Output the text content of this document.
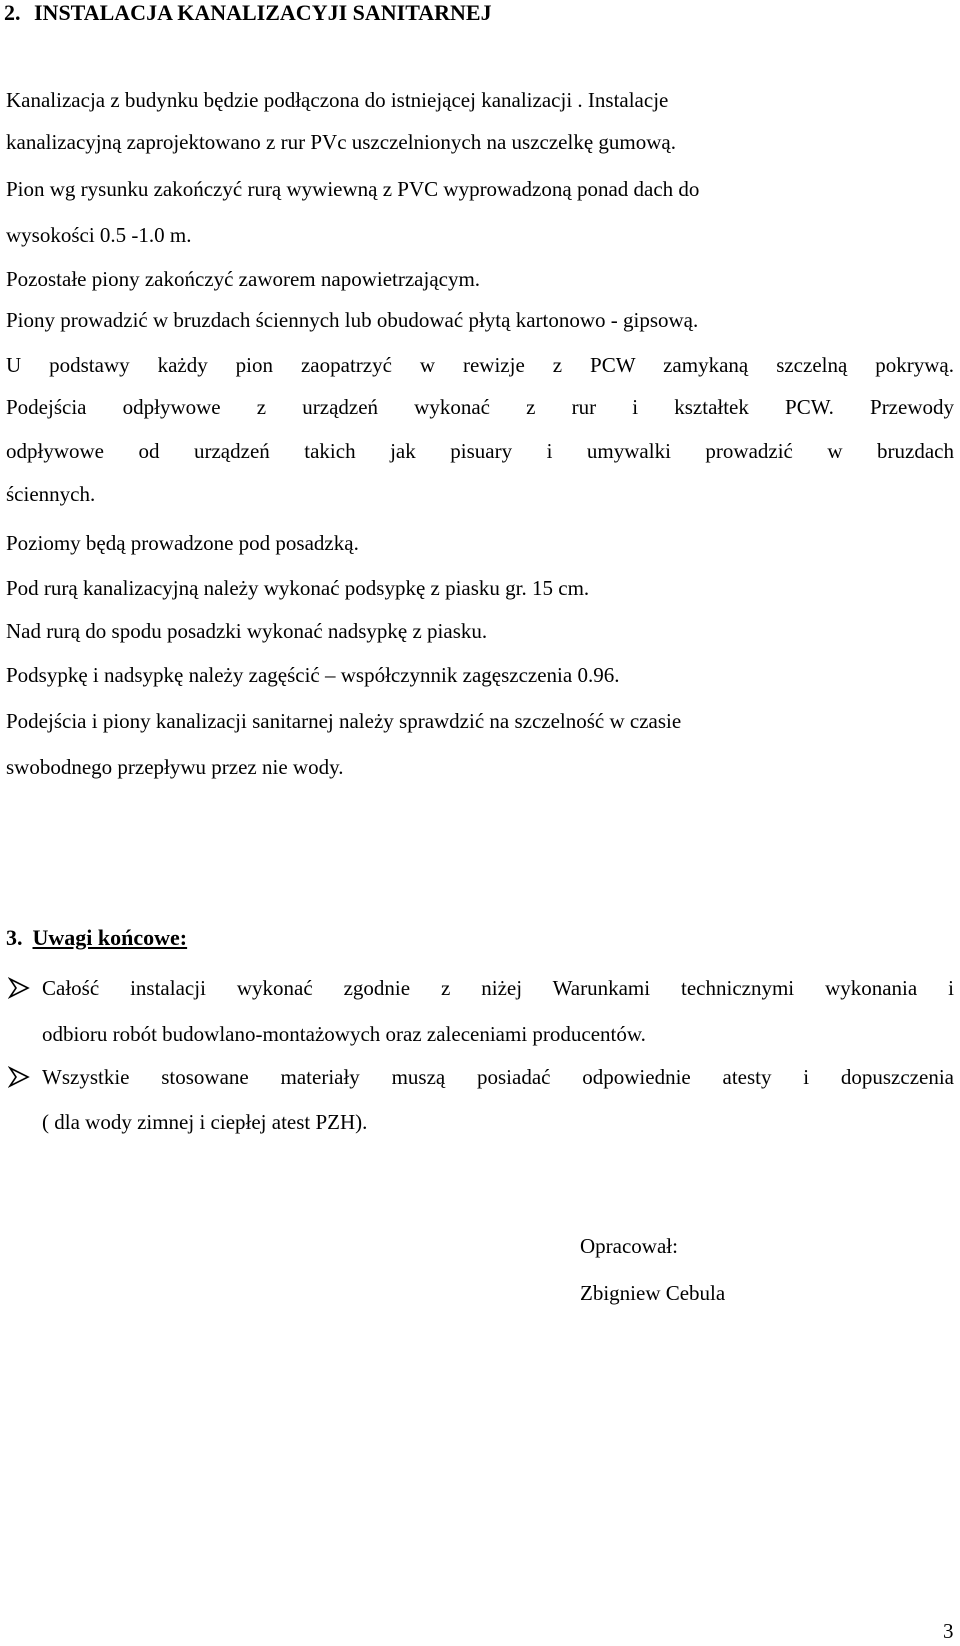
2. INSTALACJA KANALIZACYJI SANITARNEJ
Kanalizacja z budynku będzie podłączona do istniejącej kanalizacji . Instalacje
kanalizacyjną zaprojektowano z rur PVc uszczelnionych na uszczelkę gumową.
Pion wg rysunku zakończyć rurą wywiewną z PVC wyprowadzoną ponad dach do
wysokości 0.5 -1.0 m.
Pozostałe piony zakończyć zaworem napowietrzającym.
Piony prowadzić w bruzdach ściennych lub obudować płytą kartonowo - gipsową.
U podstawy każdy pion zaopatrzyć w rewizje z PCW zamykaną szczelną pokrywą.
Podejścia odpływowe z urządzeń wykonać z rur i kształtek PCW. Przewody
odpływowe od urządzeń takich jak pisuary i umywalki prowadzić w bruzdach
ściennych.
Poziomy będą prowadzone pod posadzką.
Pod rurą kanalizacyjną należy wykonać podsypkę z piasku gr. 15 cm.
Nad rurą do spodu posadzki wykonać nadsypkę z piasku.
Podsypkę i nadsypkę należy zagęścić – współczynnik zagęszczenia 0.96.
Podejścia i piony kanalizacji sanitarnej należy sprawdzić na szczelność w czasie
swobodnego przepływu przez nie wody.
3. Uwagi końcowe:
Całość instalacji wykonać zgodnie z niżej Warunkami technicznymi wykonania i
odbioru robót budowlano-montażowych oraz zaleceniami producentów.
Wszystkie stosowane materiały muszą posiadać odpowiednie atesty i dopuszczenia
( dla wody zimnej i ciepłej atest PZH).
Opracował:
Zbigniew Cebula
3
